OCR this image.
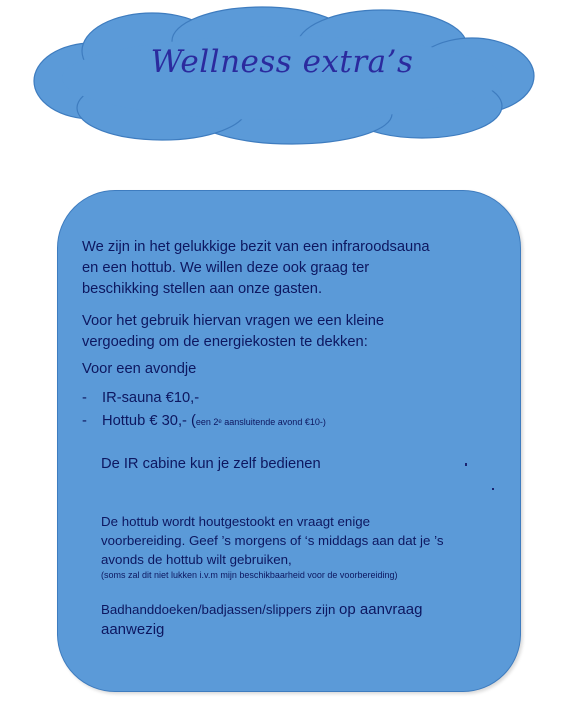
Wellness extra’s
We zijn in het gelukkige bezit van een infraroodsauna
en een hottub. We willen deze ook graag ter
beschikking stellen aan onze gasten.
Voor het gebruik hiervan vragen we een kleine
vergoeding om de energiekosten te dekken:
Voor een avondje
- IR-sauna €10,-
- Hottub € 30,- (een 2ᵉ aansluitende avond €10-)
De IR cabine kun je zelf bedienen
De hottub wordt houtgestookt en vraagt enige
voorbereiding. Geef ’s morgens of ‘s middags aan dat je ’s
avonds de hottub wilt gebruiken,
(soms zal dit niet lukken i.v.m mijn beschikbaarheid voor de voorbereiding)
Badhanddoeken/badjassen/slippers zijn op aanvraag
aanwezig
